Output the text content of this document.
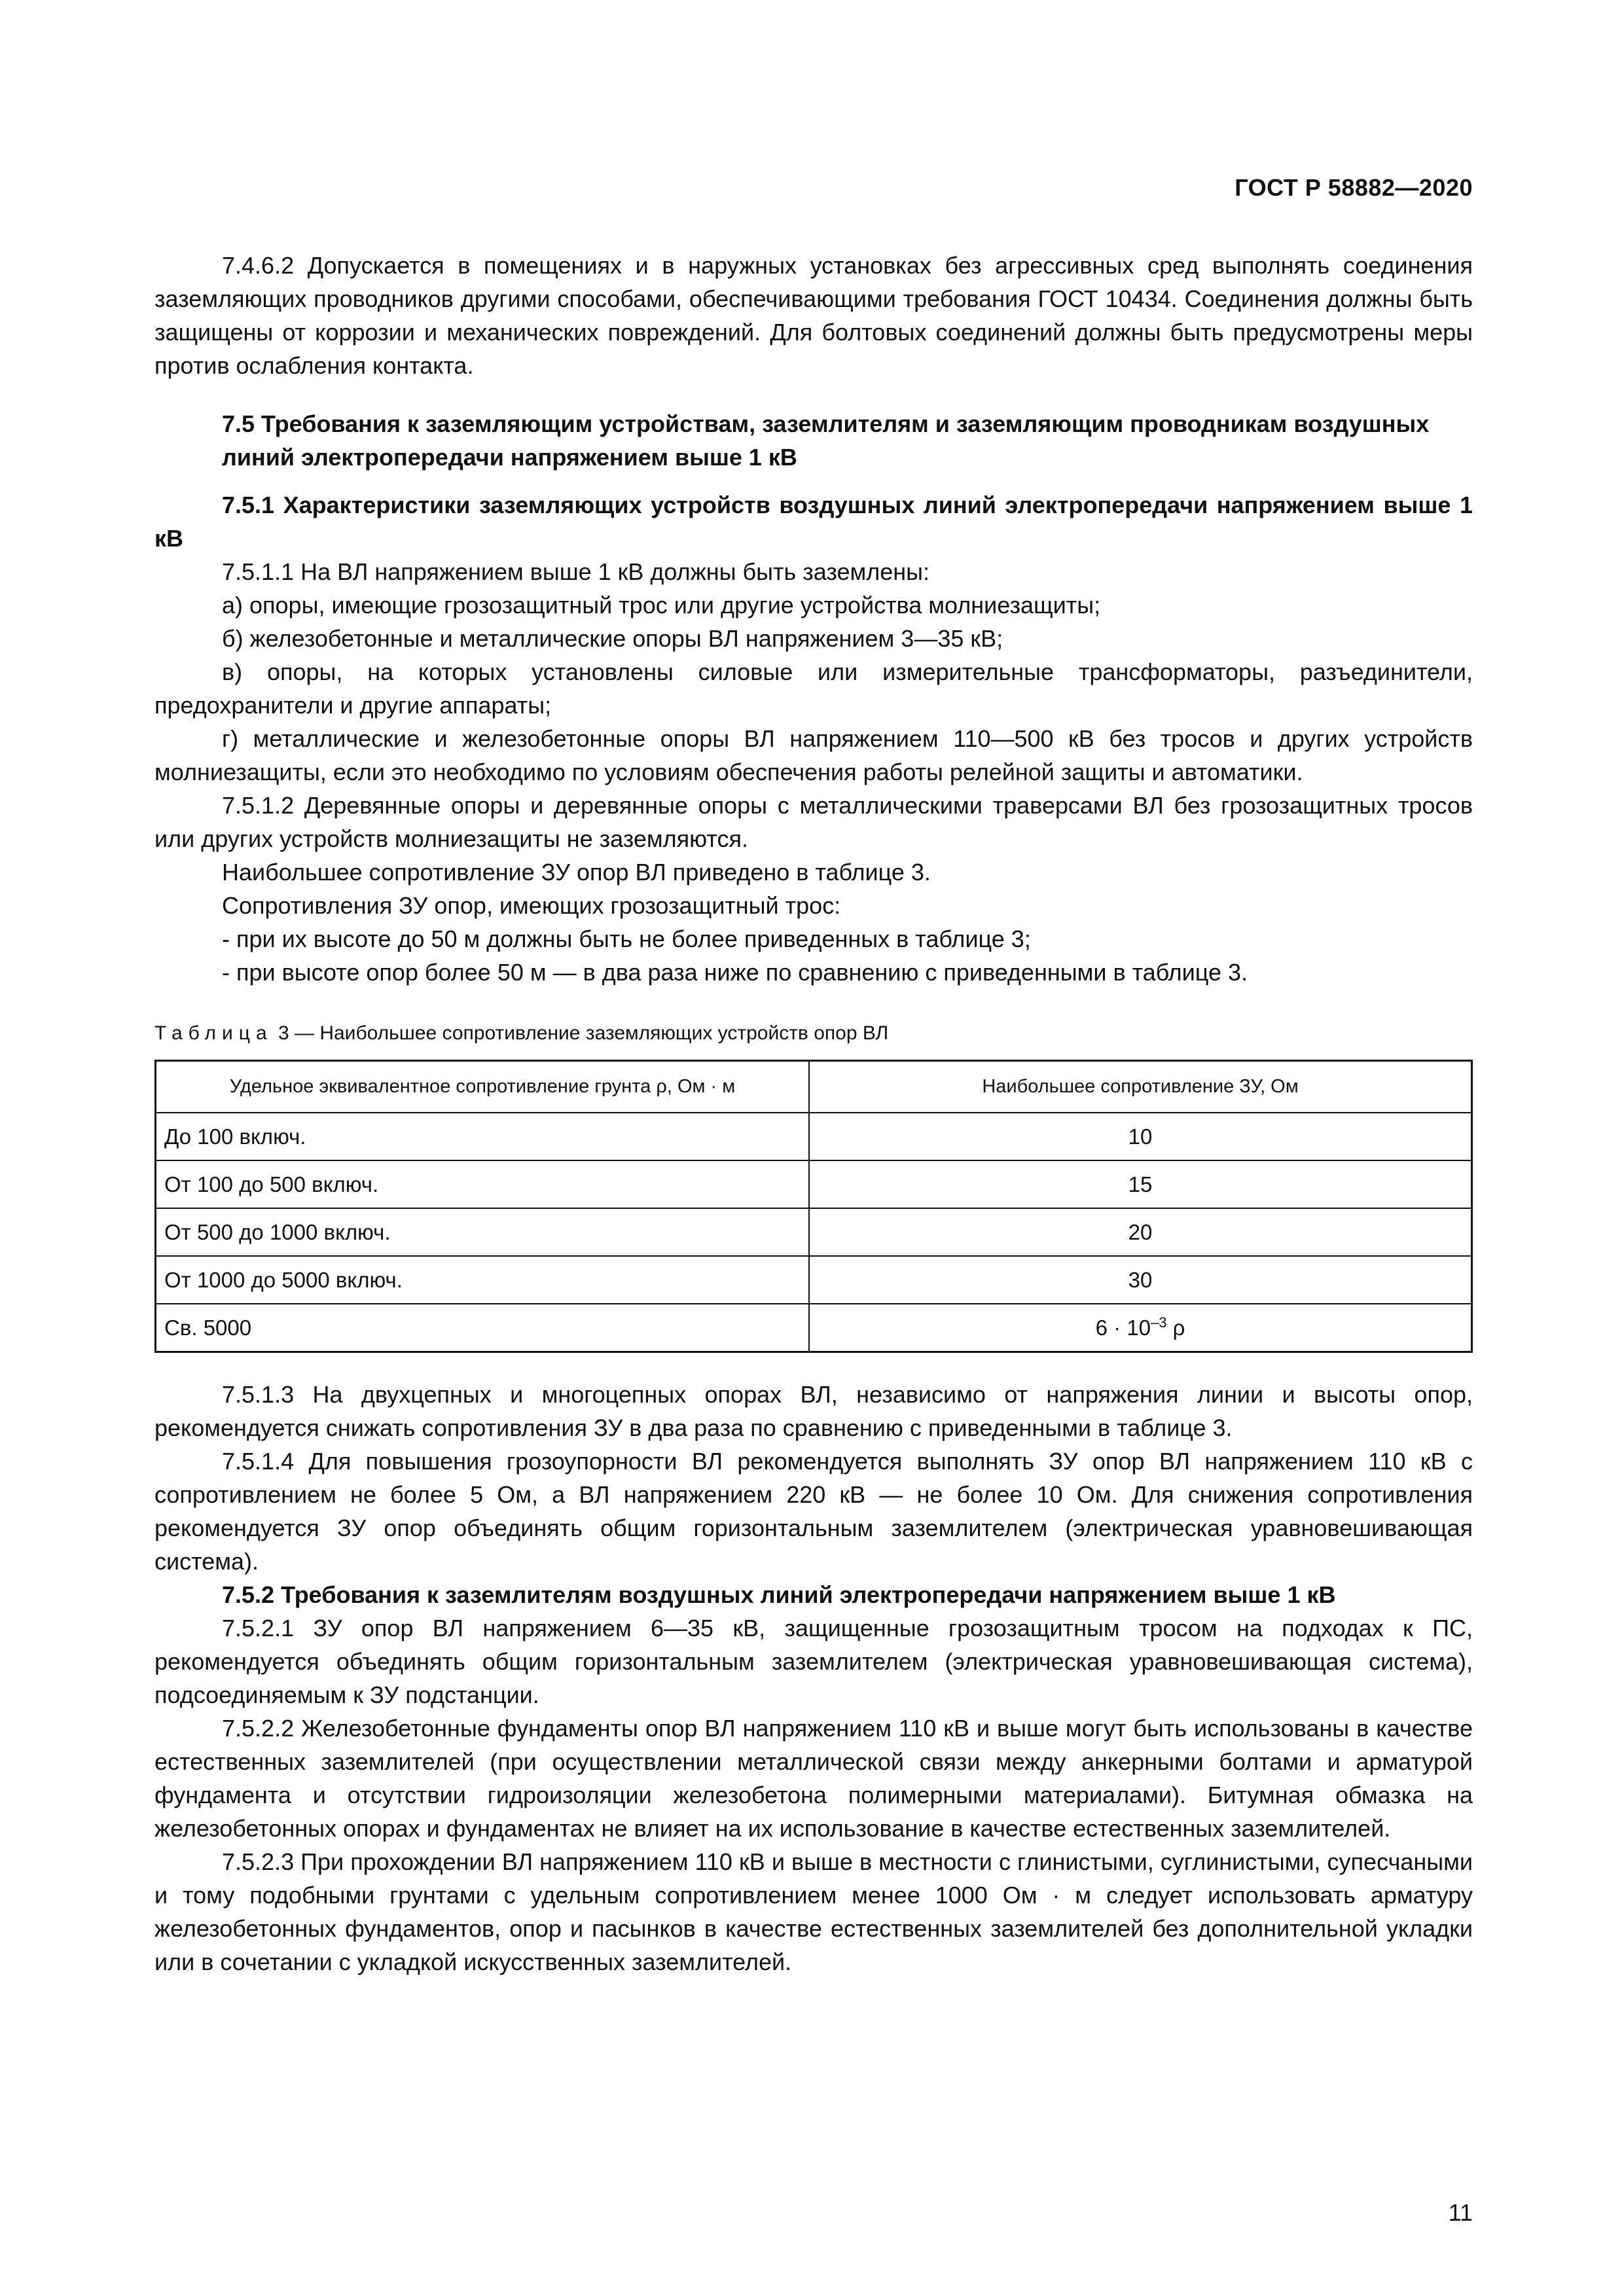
ГОСТ Р 58882—2020

7.4.6.2 Допускается в помещениях и в наружных установках без агрессивных сред выполнять соединения заземляющих проводников другими способами, обеспечивающими требования ГОСТ 10434. Соединения должны быть защищены от коррозии и механических повреждений. Для болтовых соединений должны быть предусмотрены меры против ослабления контакта.

7.5 Требования к заземляющим устройствам, заземлителям и заземляющим проводникам воздушных линий электропередачи напряжением выше 1 кВ

7.5.1 Характеристики заземляющих устройств воздушных линий электропередачи напряжением выше 1 кВ

7.5.1.1 На ВЛ напряжением выше 1 кВ должны быть заземлены:

а) опоры, имеющие грозозащитный трос или другие устройства молниезащиты;

б) железобетонные и металлические опоры ВЛ напряжением 3—35 кВ;

в) опоры, на которых установлены силовые или измерительные трансформаторы, разъединители, предохранители и другие аппараты;

г) металлические и железобетонные опоры ВЛ напряжением 110—500 кВ без тросов и других устройств молниезащиты, если это необходимо по условиям обеспечения работы релейной защиты и автоматики.

7.5.1.2 Деревянные опоры и деревянные опоры с металлическими траверсами ВЛ без грозозащитных тросов или других устройств молниезащиты не заземляются.

Наибольшее сопротивление ЗУ опор ВЛ приведено в таблице 3.

Сопротивления ЗУ опор, имеющих грозозащитный трос:

- при их высоте до 50 м должны быть не более приведенных в таблице 3;

- при высоте опор более 50 м — в два раза ниже по сравнению с приведенными в таблице 3.

Таблица 3 — Наибольшее сопротивление заземляющих устройств опор ВЛ
Удельное эквивалентное сопротивление грунта ρ, Ом · м	Наибольшее сопротивление ЗУ, Ом
До 100 включ.	10
От 100 до 500 включ.	15
От 500 до 1000 включ.	20
От 1000 до 5000 включ.	30
Св. 5000	$6 \cdot 10^{-3}$ ρ

7.5.1.3 На двухцепных и многоцепных опорах ВЛ, независимо от напряжения линии и высоты опор, рекомендуется снижать сопротивления ЗУ в два раза по сравнению с приведенными в таблице 3.

7.5.1.4 Для повышения грозоупорности ВЛ рекомендуется выполнять ЗУ опор ВЛ напряжением 110 кВ с сопротивлением не более 5 Ом, а ВЛ напряжением 220 кВ — не более 10 Ом. Для снижения сопротивления рекомендуется ЗУ опор объединять общим горизонтальным заземлителем (электрическая уравновешивающая система).

7.5.2 Требования к заземлителям воздушных линий электропередачи напряжением выше 1 кВ

7.5.2.1 ЗУ опор ВЛ напряжением 6—35 кВ, защищенные грозозащитным тросом на подходах к ПС, рекомендуется объединять общим горизонтальным заземлителем (электрическая уравновешивающая система), подсоединяемым к ЗУ подстанции.

7.5.2.2 Железобетонные фундаменты опор ВЛ напряжением 110 кВ и выше могут быть использованы в качестве естественных заземлителей (при осуществлении металлической связи между анкерными болтами и арматурой фундамента и отсутствии гидроизоляции железобетона полимерными материалами). Битумная обмазка на железобетонных опорах и фундаментах не влияет на их использование в качестве естественных заземлителей.

7.5.2.3 При прохождении ВЛ напряжением 110 кВ и выше в местности с глинистыми, суглинистыми, супесчаными и тому подобными грунтами с удельным сопротивлением менее 1000 Ом · м следует использовать арматуру железобетонных фундаментов, опор и пасынков в качестве естественных заземлителей без дополнительной укладки или в сочетании с укладкой искусственных заземлителей.

11
